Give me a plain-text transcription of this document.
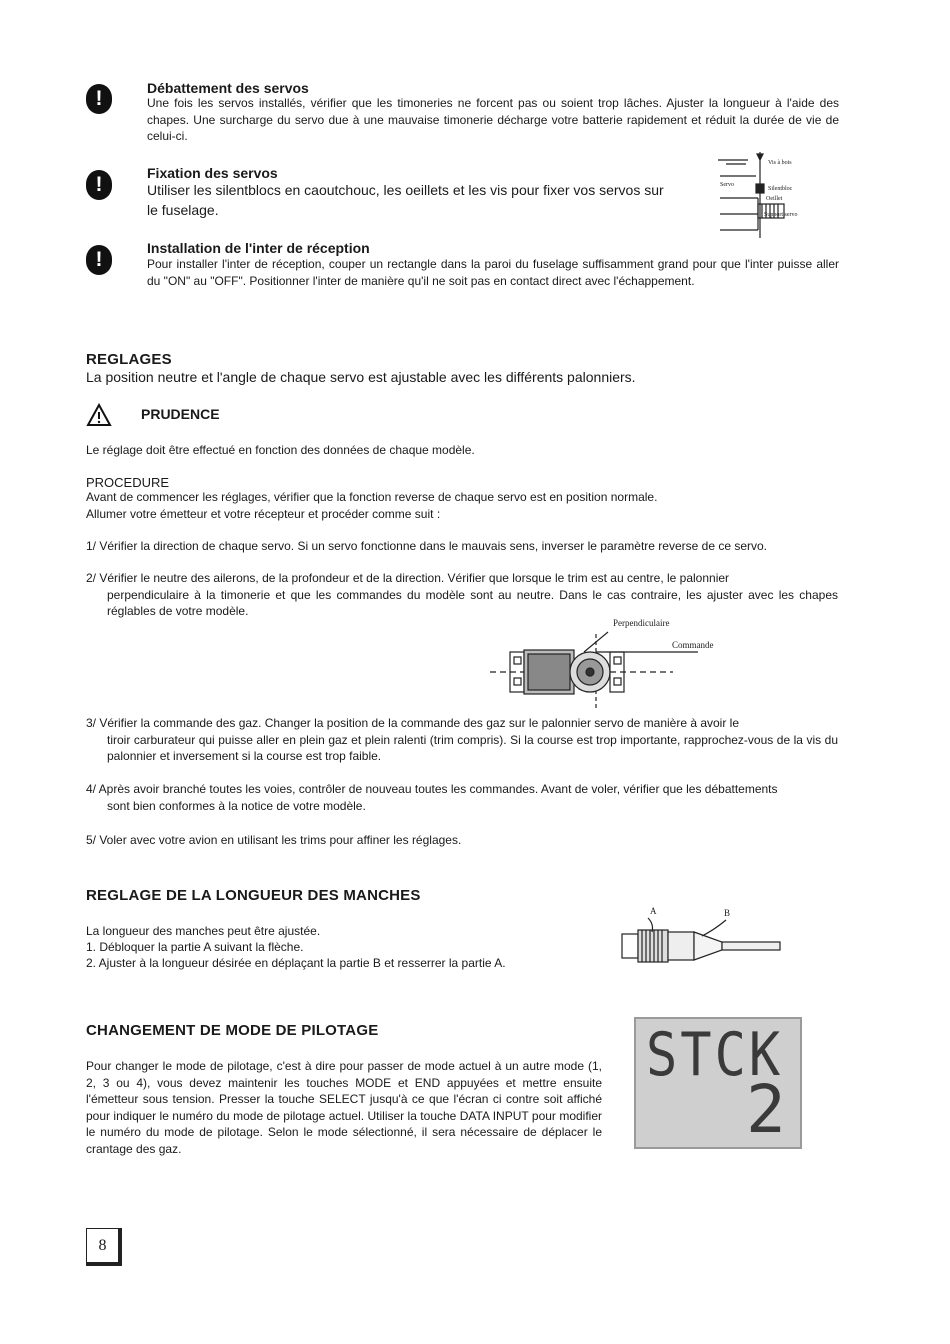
!	Débattement des servos
Une fois les servos installés, vérifier que les timoneries ne forcent pas ou soient trop lâches. Ajuster la longueur à l'aide des chapes. Une surcharge du servo due à une mauvaise timonerie décharge votre batterie rapidement et réduit la durée de vie de celui-ci.
!	Fixation des servos
Utiliser les silentblocs en caoutchouc, les oeillets et les vis pour fixer vos servos sur le fuselage.
Vis à bois
Servo
Silentbloc
Oeillet
Support servo
!	Installation de l'inter de réception
Pour installer l'inter de réception, couper un rectangle dans la paroi du fuselage suffisamment grand pour que l'inter puisse aller du "ON" au "OFF". Positionner l'inter de manière qu'il ne soit pas en contact direct avec l'échappement.
REGLAGES
La position neutre et l'angle de chaque servo est ajustable avec les différents palonniers.
PRUDENCE
Le réglage doit être effectué en fonction des données de chaque modèle.
PROCEDURE
Avant de commencer les réglages, vérifier que la fonction reverse de chaque servo est en position normale.
Allumer votre émetteur et votre récepteur et procéder comme suit :
1/ Vérifier la direction de chaque servo. Si un servo fonctionne dans le mauvais sens, inverser le paramètre reverse de ce servo.
2/ Vérifier le neutre des ailerons, de la profondeur et de la direction. Vérifier que lorsque le trim est au centre, le palonnier
perpendiculaire à la timonerie et que les commandes du modèle sont au neutre. Dans le cas contraire, les ajuster avec les chapes réglables de votre modèle.
Perpendiculaire
Commande
3/ Vérifier la commande des gaz. Changer la position de la commande des gaz sur le palonnier servo de manière à avoir le
tiroir carburateur qui puisse aller en plein gaz et plein ralenti (trim compris). Si la course est trop importante, rapprochez-vous de la vis du palonnier et inversement si la course est trop faible.
4/ Après avoir branché toutes les voies, contrôler de nouveau toutes les commandes. Avant de voler, vérifier que les débattements
sont bien conformes à la notice de votre modèle.
5/ Voler avec votre avion en utilisant les trims pour affiner les réglages.
REGLAGE DE LA LONGUEUR DES MANCHES
La longueur des manches peut être ajustée.
1. Débloquer la partie A suivant la flèche.
2. Ajuster à la longueur désirée en déplaçant la partie B et resserrer la partie A.
A	B
CHANGEMENT DE MODE DE PILOTAGE
Pour changer le mode de pilotage, c'est à dire pour passer de mode actuel à un autre mode (1, 2, 3 ou 4), vous devez maintenir les touches MODE et END appuyées et mettre ensuite l'émetteur sous tension. Presser la touche SELECT jusqu'à ce que l'écran ci contre soit affiché pour indiquer le numéro du mode de pilotage actuel. Utiliser la touche DATA INPUT pour modifier le numéro du mode de pilotage. Selon le mode sélectionné, il sera nécessaire de déplacer le crantage des gaz.
STCK
2
8
